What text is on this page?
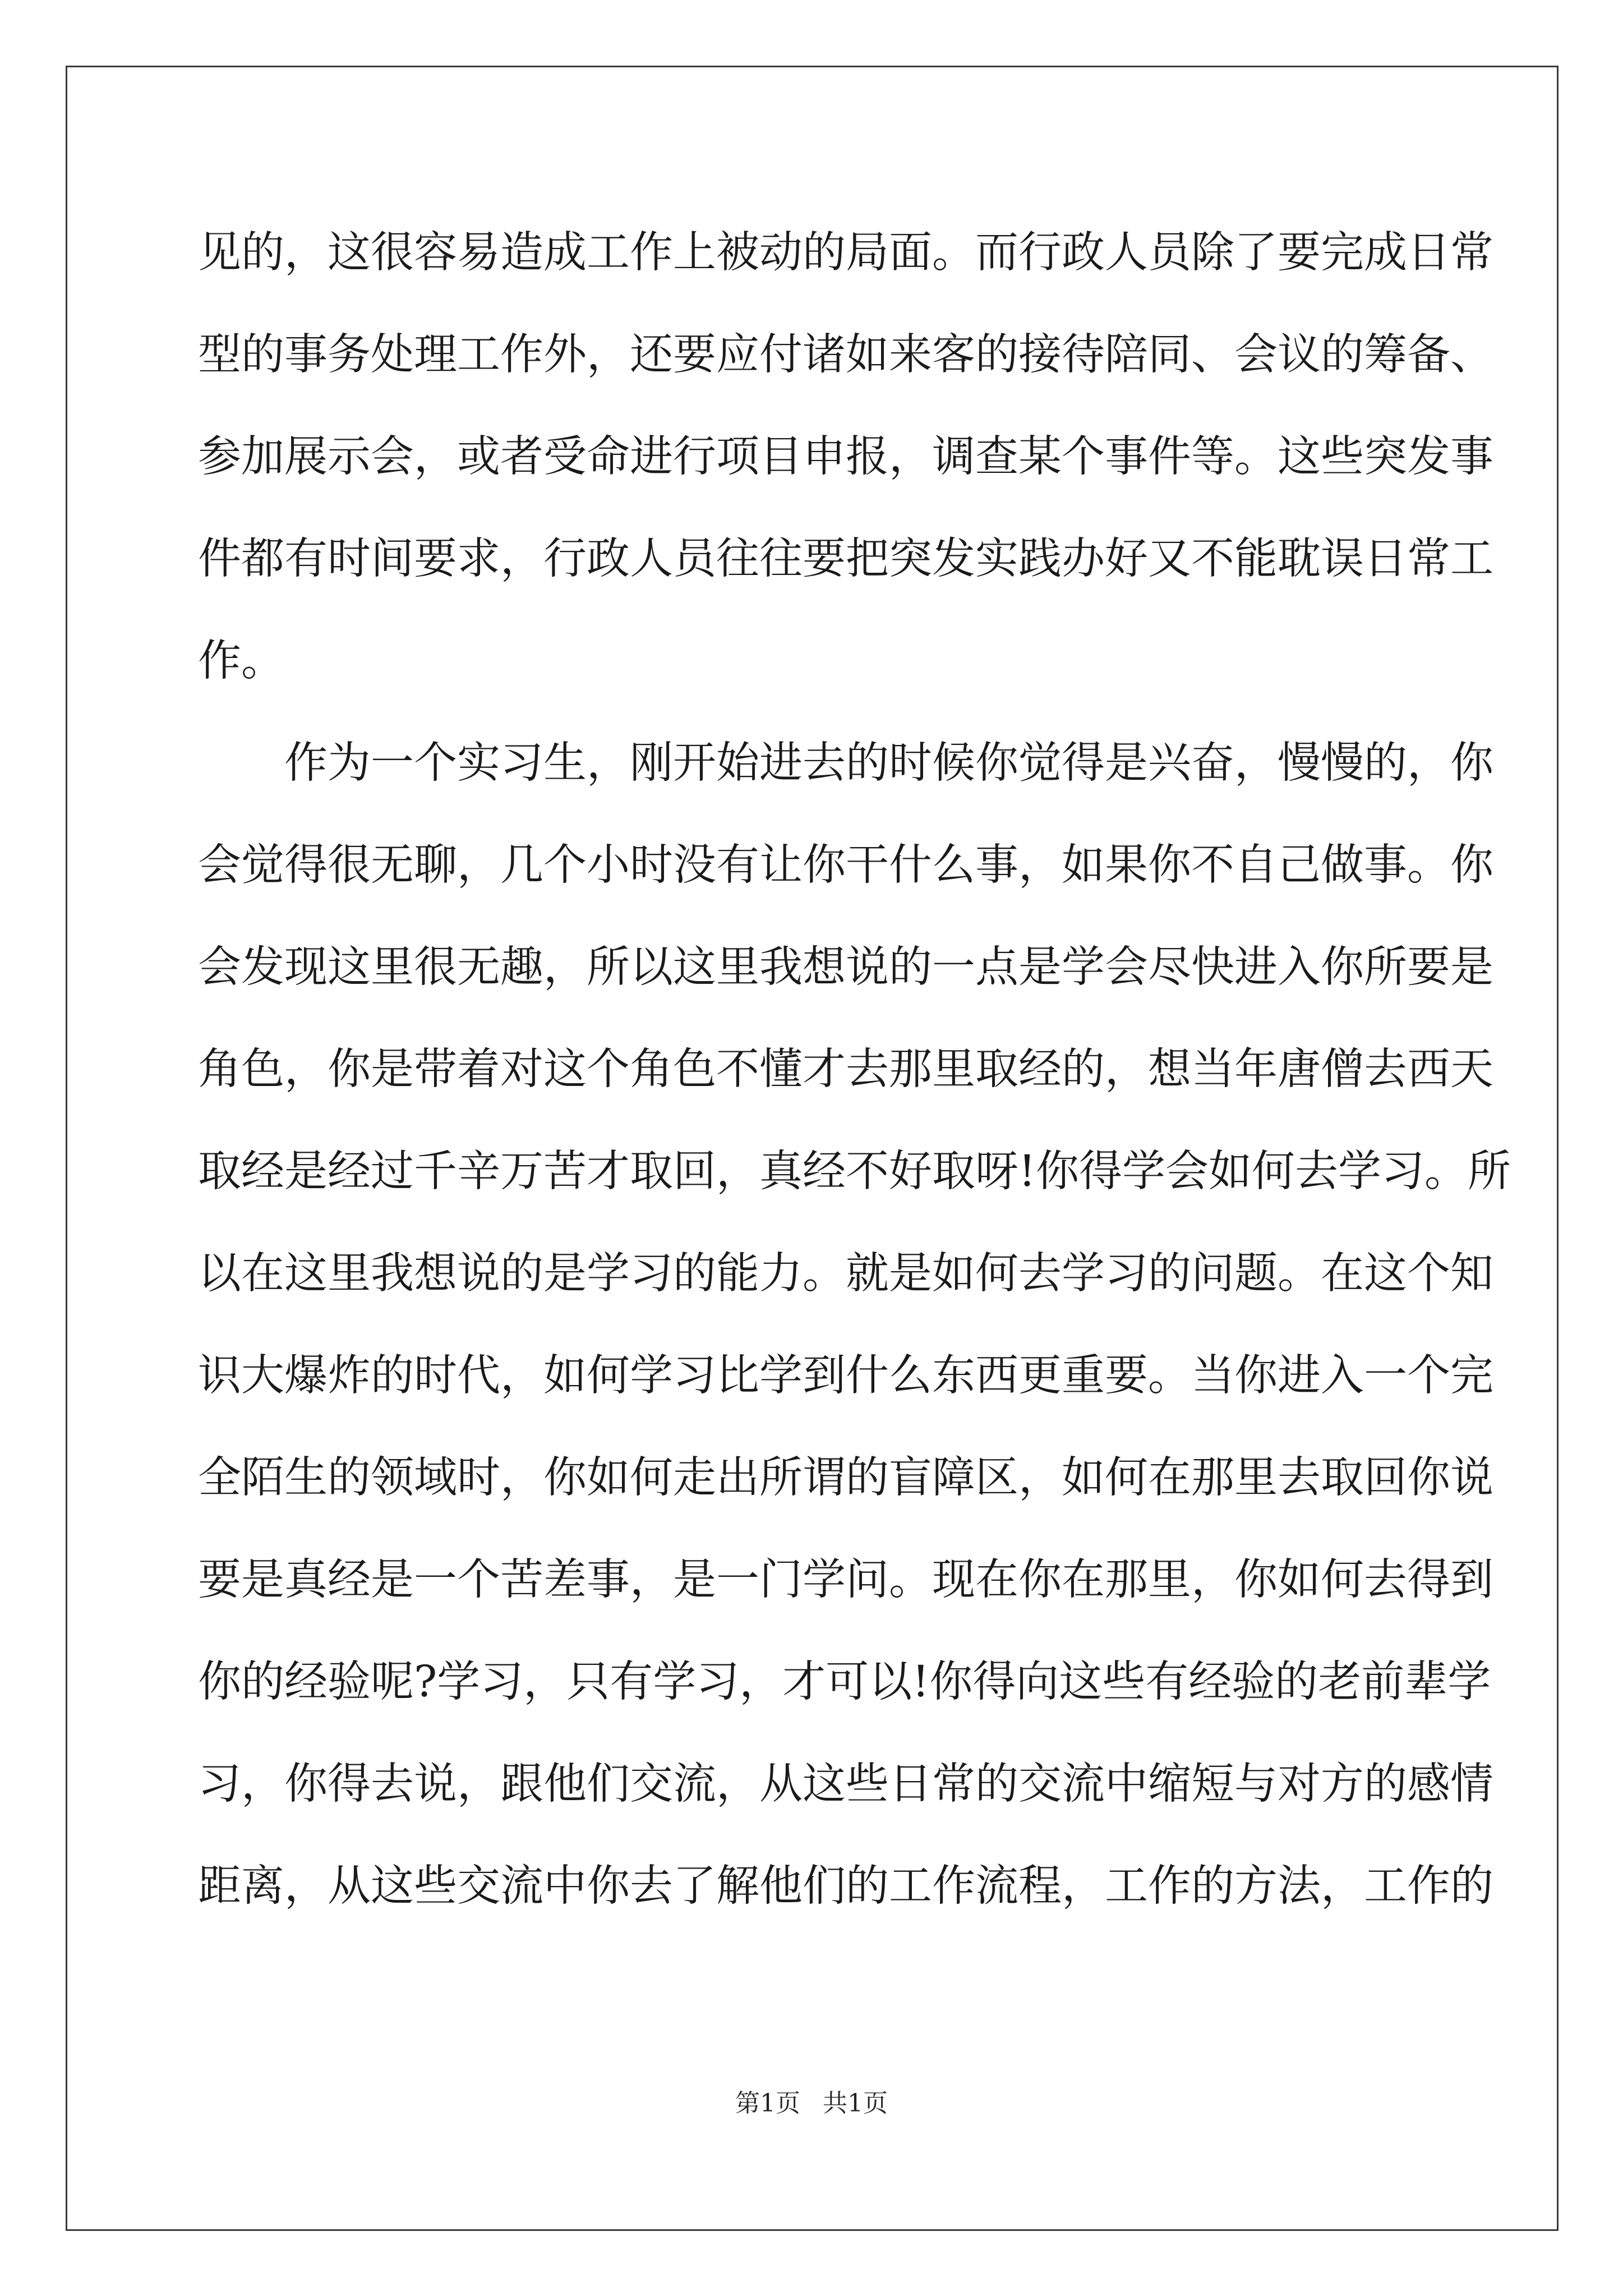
见的，这很容易造成工作上被动的局面。而行政人员除了要完成日常
型的事务处理工作外，还要应付诸如来客的接待陪同、会议的筹备、
参加展示会，或者受命进行项目申报，调查某个事件等。这些突发事
件都有时间要求，行政人员往往要把突发实践办好又不能耽误日常工
作。
作为一个实习生，刚开始进去的时候你觉得是兴奋，慢慢的，你
会觉得很无聊，几个小时没有让你干什么事，如果你不自己做事。你
会发现这里很无趣，所以这里我想说的一点是学会尽快进入你所要是
角色，你是带着对这个角色不懂才去那里取经的，想当年唐僧去西天
取经是经过千辛万苦才取回，真经不好取呀!你得学会如何去学习。所
以在这里我想说的是学习的能力。就是如何去学习的问题。在这个知
识大爆炸的时代，如何学习比学到什么东西更重要。当你进入一个完
全陌生的领域时，你如何走出所谓的盲障区，如何在那里去取回你说
要是真经是一个苦差事，是一门学问。现在你在那里，你如何去得到
你的经验呢?学习，只有学习，才可以!你得向这些有经验的老前辈学
习，你得去说，跟他们交流，从这些日常的交流中缩短与对方的感情
距离，从这些交流中你去了解他们的工作流程，工作的方法，工作的
第1页 共1页
